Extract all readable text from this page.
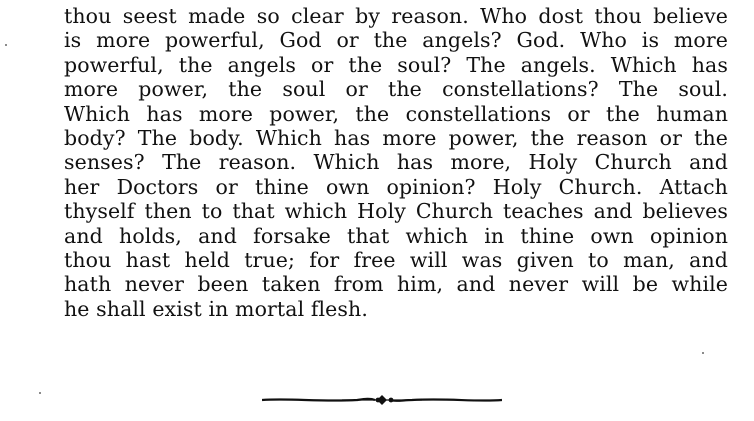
thou seest made so clear by reason. Who dost thou believe
is more powerful, God or the angels? God. Who is more
powerful, the angels or the soul? The angels. Which has
more power, the soul or the constellations? The soul.
Which has more power, the constellations or the human
body? The body. Which has more power, the reason or the
senses? The reason. Which has more, Holy Church and
her Doctors or thine own opinion? Holy Church. Attach
thyself then to that which Holy Church teaches and believes
and holds, and forsake that which in thine own opinion
thou hast held true; for free will was given to man, and
hath never been taken from him, and never will be while
he shall exist in mortal flesh.
